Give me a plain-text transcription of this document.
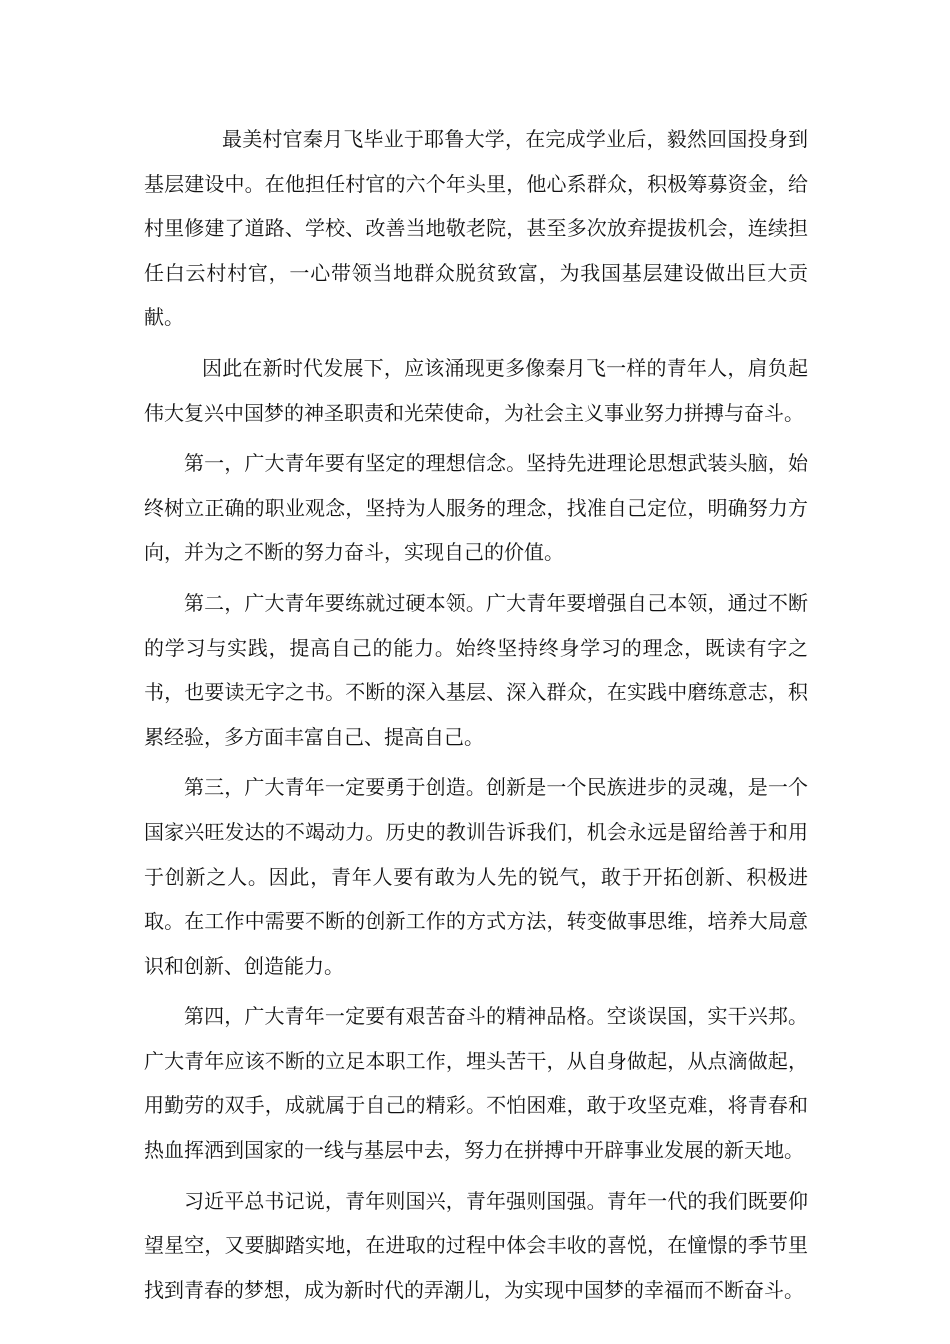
最美村官秦月飞毕业于耶鲁大学，在完成学业后，毅然回国投身到基层建设中。在他担任村官的六个年头里，他心系群众，积极筹募资金，给村里修建了道路、学校、改善当地敬老院，甚至多次放弃提拔机会，连续担任白云村村官，一心带领当地群众脱贫致富，为我国基层建设做出巨大贡献。

因此在新时代发展下，应该涌现更多像秦月飞一样的青年人，肩负起伟大复兴中国梦的神圣职责和光荣使命，为社会主义事业努力拼搏与奋斗。

第一，广大青年要有坚定的理想信念。坚持先进理论思想武装头脑，始终树立正确的职业观念，坚持为人服务的理念，找准自己定位，明确努力方向，并为之不断的努力奋斗，实现自己的价值。

第二，广大青年要练就过硬本领。广大青年要增强自己本领，通过不断的学习与实践，提高自己的能力。始终坚持终身学习的理念，既读有字之书，也要读无字之书。不断的深入基层、深入群众，在实践中磨练意志，积累经验，多方面丰富自己、提高自己。

第三，广大青年一定要勇于创造。创新是一个民族进步的灵魂，是一个国家兴旺发达的不竭动力。历史的教训告诉我们，机会永远是留给善于和用于创新之人。因此，青年人要有敢为人先的锐气，敢于开拓创新、积极进取。在工作中需要不断的创新工作的方式方法，转变做事思维，培养大局意识和创新、创造能力。

第四，广大青年一定要有艰苦奋斗的精神品格。空谈误国，实干兴邦。广大青年应该不断的立足本职工作，埋头苦干，从自身做起，从点滴做起，用勤劳的双手，成就属于自己的精彩。不怕困难，敢于攻坚克难，将青春和热血挥洒到国家的一线与基层中去，努力在拼搏中开辟事业发展的新天地。

习近平总书记说，青年则国兴，青年强则国强。青年一代的我们既要仰望星空，又要脚踏实地，在进取的过程中体会丰收的喜悦，在憧憬的季节里找到青春的梦想，成为新时代的弄潮儿，为实现中国梦的幸福而不断奋斗。
